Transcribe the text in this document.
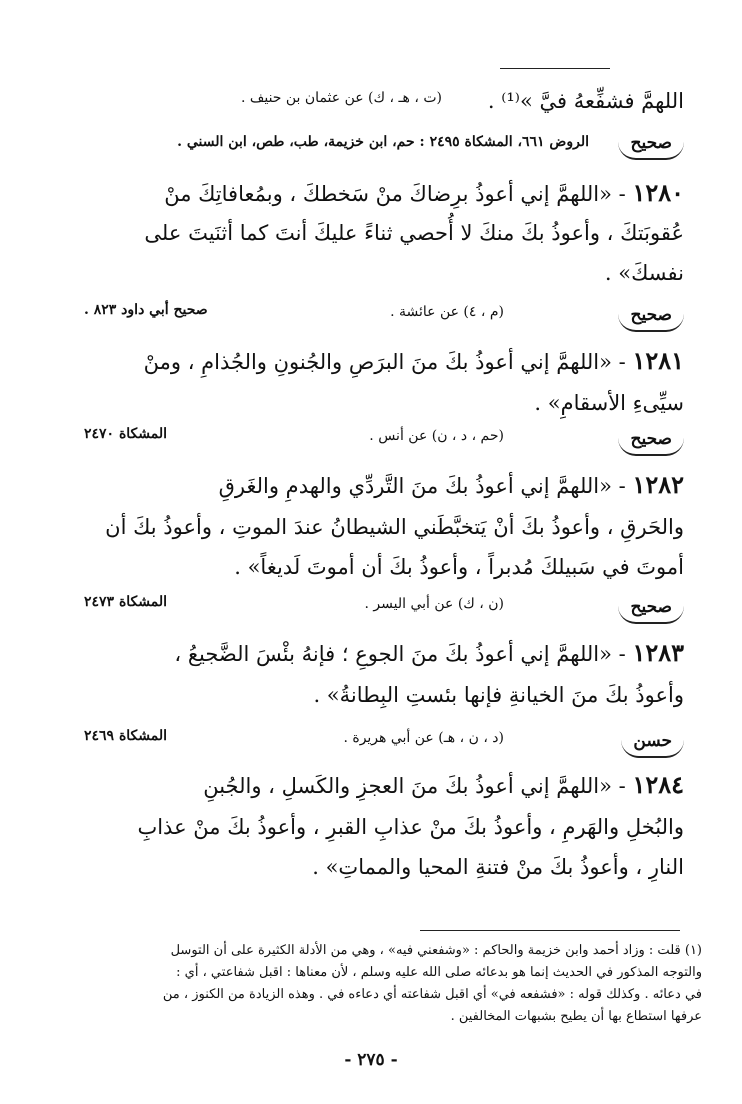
اللهمَّ فشفِّعهُ فيَّ »⁽¹⁾ .
(ت ، هـ ، ك) عن عثمان بن حنيف .
صحيح
الروض ٦٦١، المشكاة ٢٤٩٥ : حم، ابن خزيمة، طب، طص، ابن السني .
١٢٨٠ - «اللهمَّ إني أعوذُ برِضاكَ منْ سَخطكَ ، وبمُعافاتِكَ منْ
عُقوبَتكَ ، وأعوذُ بكَ منكَ لا أُحصي ثناءً عليكَ أنتَ كما أثنَيتَ على
نفسكَ» .
صحيح
(م ، ٤) عن عائشة .
صحيح أبي داود ٨٢٣ .
١٢٨١ - «اللهمَّ إني أعوذُ بكَ منَ البرَصِ والجُنونِ والجُذامِ ، ومنْ
سيِّىءِ الأسقامِ» .
صحيح
(حم ، د ، ن) عن أنس .
المشكاة ٢٤٧٠
١٢٨٢ - «اللهمَّ إني أعوذُ بكَ منَ التَّردِّي والهدمِ والغَرقِ
والحَرقِ ، وأعوذُ بكَ أنْ يَتخبَّطَني الشيطانُ عندَ الموتِ ، وأعوذُ بكَ أن
أموتَ في سَبيلكَ مُدبراً ، وأعوذُ بكَ أن أموتَ لَديغاً» .
صحيح
(ن ، ك) عن أبي اليسر .
المشكاة ٢٤٧٣
١٢٨٣ - «اللهمَّ إني أعوذُ بكَ منَ الجوعِ ؛ فإنهُ بئْسَ الضَّجيعُ ،
وأعوذُ بكَ منَ الخيانةِ فإنها بئستِ البِطانةُ» .
حسن
(د ، ن ، هـ) عن أبي هريرة .
المشكاة ٢٤٦٩
١٢٨٤ - «اللهمَّ إني أعوذُ بكَ منَ العجزِ والكَسلِ ، والجُبنِ
والبُخلِ والهَرمِ ، وأعوذُ بكَ منْ عذابِ القبرِ ، وأعوذُ بكَ منْ عذابِ
النارِ ، وأعوذُ بكَ منْ فتنةِ المحيا والمماتِ» .
(١) قلت : وزاد أحمد وابن خزيمة والحاكم : «وشفعني فيه» ، وهي من الأدلة الكثيرة على أن التوسل
والتوجه المذكور في الحديث إنما هو بدعائه صلى الله عليه وسلم ، لأن معناها : اقبل شفاعتي ، أي :
في دعائه . وكذلك قوله : «فشفعه في» أي اقبل شفاعته أي دعاءه في . وهذه الزيادة من الكنوز ، من
عرفها استطاع بها أن يطيح بشبهات المخالفين .
- ٢٧٥ -
